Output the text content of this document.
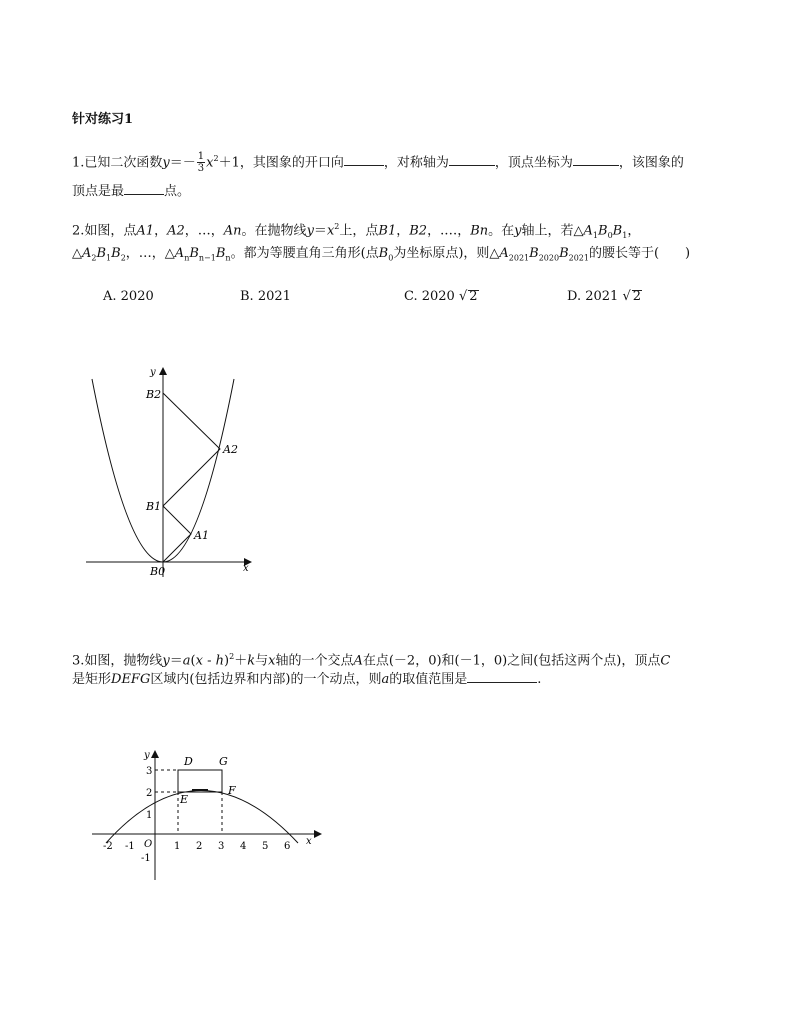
针对练习1
1.已知二次函数$y=- \frac{1}{3} x^2+1$，其图象的开口向	，对称轴为	，顶点坐标为	，该图象的
顶点是最	点。
2.如图，点A1，A2，…，An。在抛物线$y=x^2$上，点B1，B2，.…，Bn。在y轴上，若$\triangle A_1B_0B_1$，
$\triangle A_2B_1B_2$，…，$\triangle A_nB_{n-1}B_n$。都为等腰直角三角形(点$B_0$为坐标原点)，则$\triangle A_{2021}B_{2020}B_{2021}$的腰长等于(　　)
A. 2020	B. 2021	C. 2020 √ 2	D. 2021 √ 2
y
x
B2
B1
B0
A1
A2
3.如图，抛物线y＝a(x - h)$^2$＋k与x轴的一个交点A在点(－2，0)和(－1，0)之间(包括这两个点)，顶点C
是矩形DEFG区域内(包括边界和内部)的一个动点，则a的取值范围是	.
y
x
D G
E
F
O
-2 -1	1 2 3 4 5 6
3
2
1
-1
